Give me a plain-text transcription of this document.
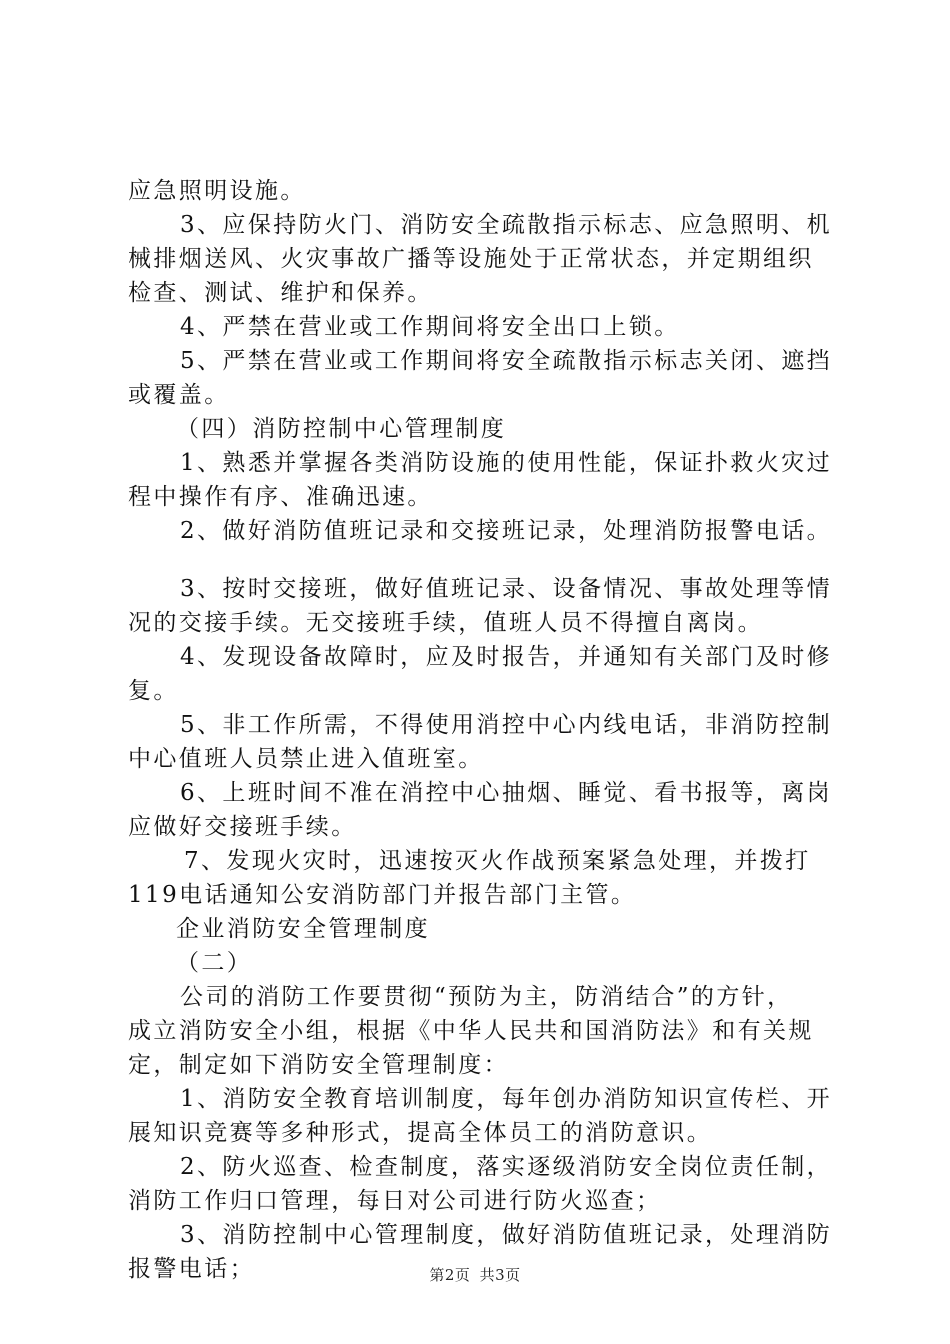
应急照明设施。

3、应保持防火门、消防安全疏散指示标志、应急照明、机

械排烟送风、火灾事故广播等设施处于正常状态，并定期组织

检查、测试、维护和保养。

4、严禁在营业或工作期间将安全出口上锁。

5、严禁在营业或工作期间将安全疏散指示标志关闭、遮挡

或覆盖。

（四）消防控制中心管理制度

1、熟悉并掌握各类消防设施的使用性能，保证扑救火灾过

程中操作有序、准确迅速。

2、做好消防值班记录和交接班记录，处理消防报警电话。

3、按时交接班，做好值班记录、设备情况、事故处理等情

况的交接手续。无交接班手续，值班人员不得擅自离岗。

4、发现设备故障时，应及时报告，并通知有关部门及时修

复。

5、非工作所需，不得使用消控中心内线电话，非消防控制

中心值班人员禁止进入值班室。

6、上班时间不准在消控中心抽烟、睡觉、看书报等，离岗

应做好交接班手续。

7、发现火灾时，迅速按灭火作战预案紧急处理，并拨打

119电话通知公安消防部门并报告部门主管。

企业消防安全管理制度

（二）

公司的消防工作要贯彻“预防为主，防消结合”的方针，

成立消防安全小组，根据《中华人民共和国消防法》和有关规

定，制定如下消防安全管理制度：

1、消防安全教育培训制度，每年创办消防知识宣传栏、开

展知识竞赛等多种形式，提高全体员工的消防意识。

2、防火巡查、检查制度，落实逐级消防安全岗位责任制，

消防工作归口管理，每日对公司进行防火巡查；

3、消防控制中心管理制度，做好消防值班记录，处理消防

报警电话；	第2页 共3页
